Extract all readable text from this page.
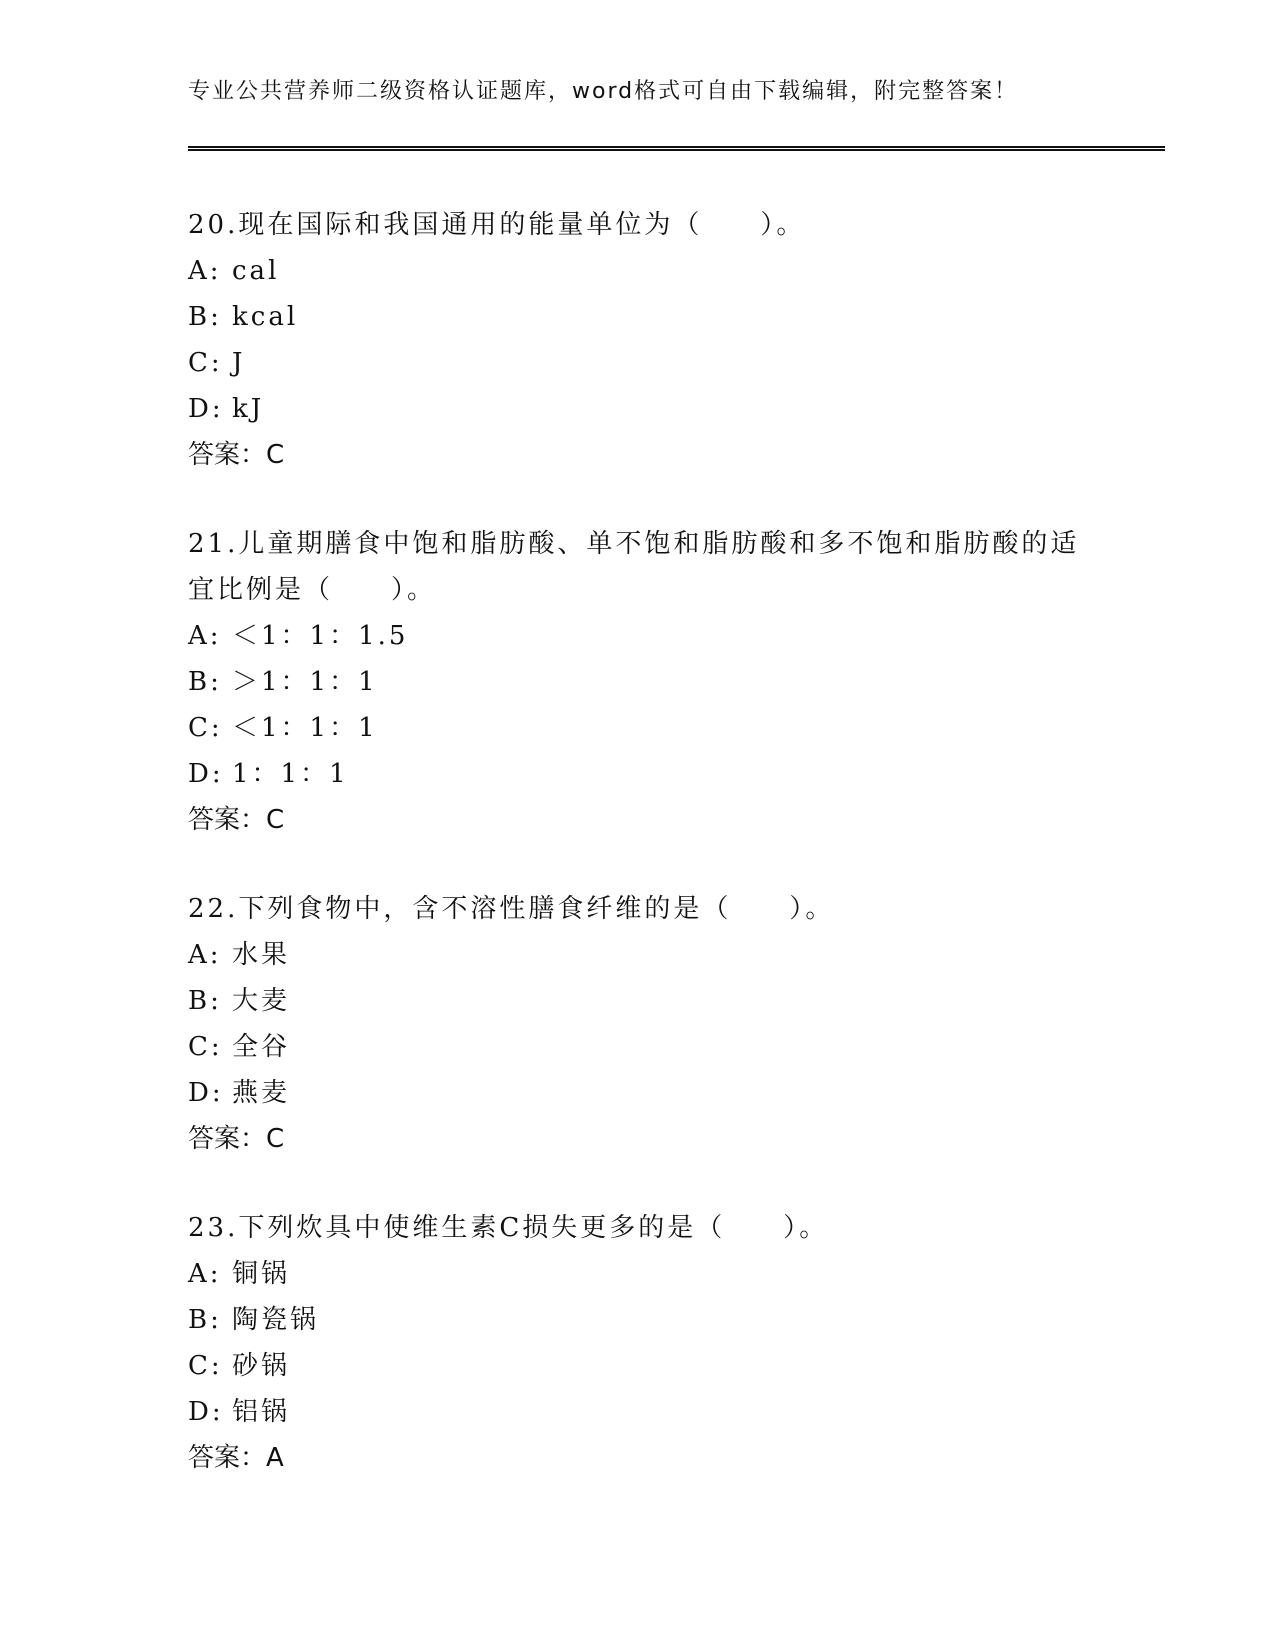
专业公共营养师二级资格认证题库，word格式可自由下载编辑，附完整答案！

20.现在国际和我国通用的能量单位为（　　）。

A: cal

B: kcal

C: J

D: kJ

答案：C

21.儿童期膳食中饱和脂肪酸、单不饱和脂肪酸和多不饱和脂肪酸的适宜比例是（　　）。

A: ＜1：1：1.5

B: ＞1：1：1

C: ＜1：1：1

D: 1：1：1

答案：C

22.下列食物中，含不溶性膳食纤维的是（　　）。

A: 水果

B: 大麦

C: 全谷

D: 燕麦

答案：C

23.下列炊具中使维生素C损失更多的是（　　）。

A: 铜锅

B: 陶瓷锅

C: 砂锅

D: 铝锅

答案：A
